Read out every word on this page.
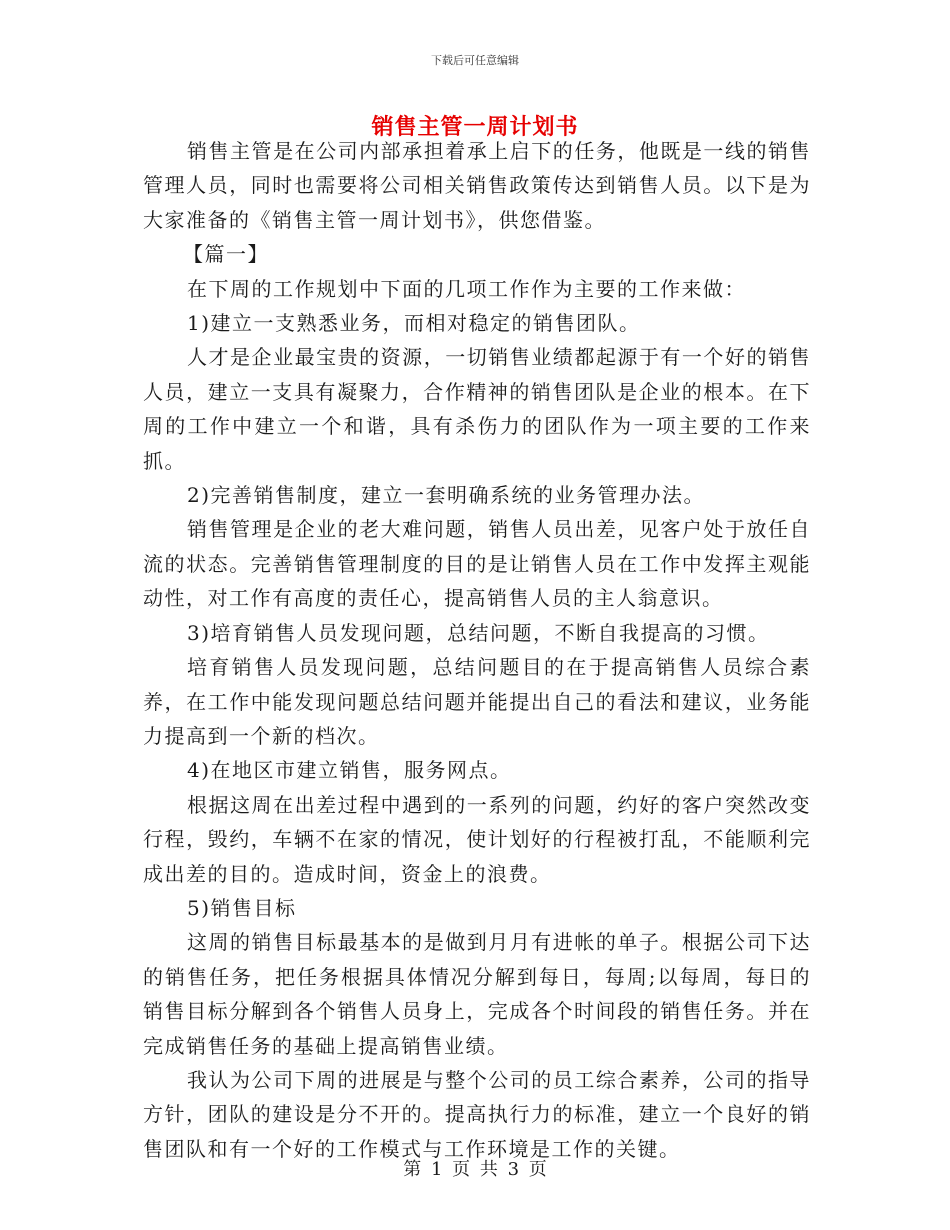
下载后可任意编辑
销售主管一周计划书

销售主管是在公司内部承担着承上启下的任务，他既是一线的销售管理人员，同时也需要将公司相关销售政策传达到销售人员。以下是为大家准备的《销售主管一周计划书》，供您借鉴。

【篇一】

在下周的工作规划中下面的几项工作作为主要的工作来做：

1)建立一支熟悉业务，而相对稳定的销售团队。

人才是企业最宝贵的资源，一切销售业绩都起源于有一个好的销售人员，建立一支具有凝聚力，合作精神的销售团队是企业的根本。在下周的工作中建立一个和谐，具有杀伤力的团队作为一项主要的工作来抓。

2)完善销售制度，建立一套明确系统的业务管理办法。

销售管理是企业的老大难问题，销售人员出差，见客户处于放任自流的状态。完善销售管理制度的目的是让销售人员在工作中发挥主观能动性，对工作有高度的责任心，提高销售人员的主人翁意识。

3)培育销售人员发现问题，总结问题，不断自我提高的习惯。

培育销售人员发现问题，总结问题目的在于提高销售人员综合素养，在工作中能发现问题总结问题并能提出自己的看法和建议，业务能力提高到一个新的档次。

4)在地区市建立销售，服务网点。

根据这周在出差过程中遇到的一系列的问题，约好的客户突然改变行程，毁约，车辆不在家的情况，使计划好的行程被打乱，不能顺利完成出差的目的。造成时间，资金上的浪费。

5)销售目标

这周的销售目标最基本的是做到月月有进帐的单子。根据公司下达的销售任务，把任务根据具体情况分解到每日，每周;以每周，每日的销售目标分解到各个销售人员身上，完成各个时间段的销售任务。并在完成销售任务的基础上提高销售业绩。

我认为公司下周的进展是与整个公司的员工综合素养，公司的指导方针，团队的建设是分不开的。提高执行力的标准，建立一个良好的销售团队和有一个好的工作模式与工作环境是工作的关键。

第 1 页 共 3 页
